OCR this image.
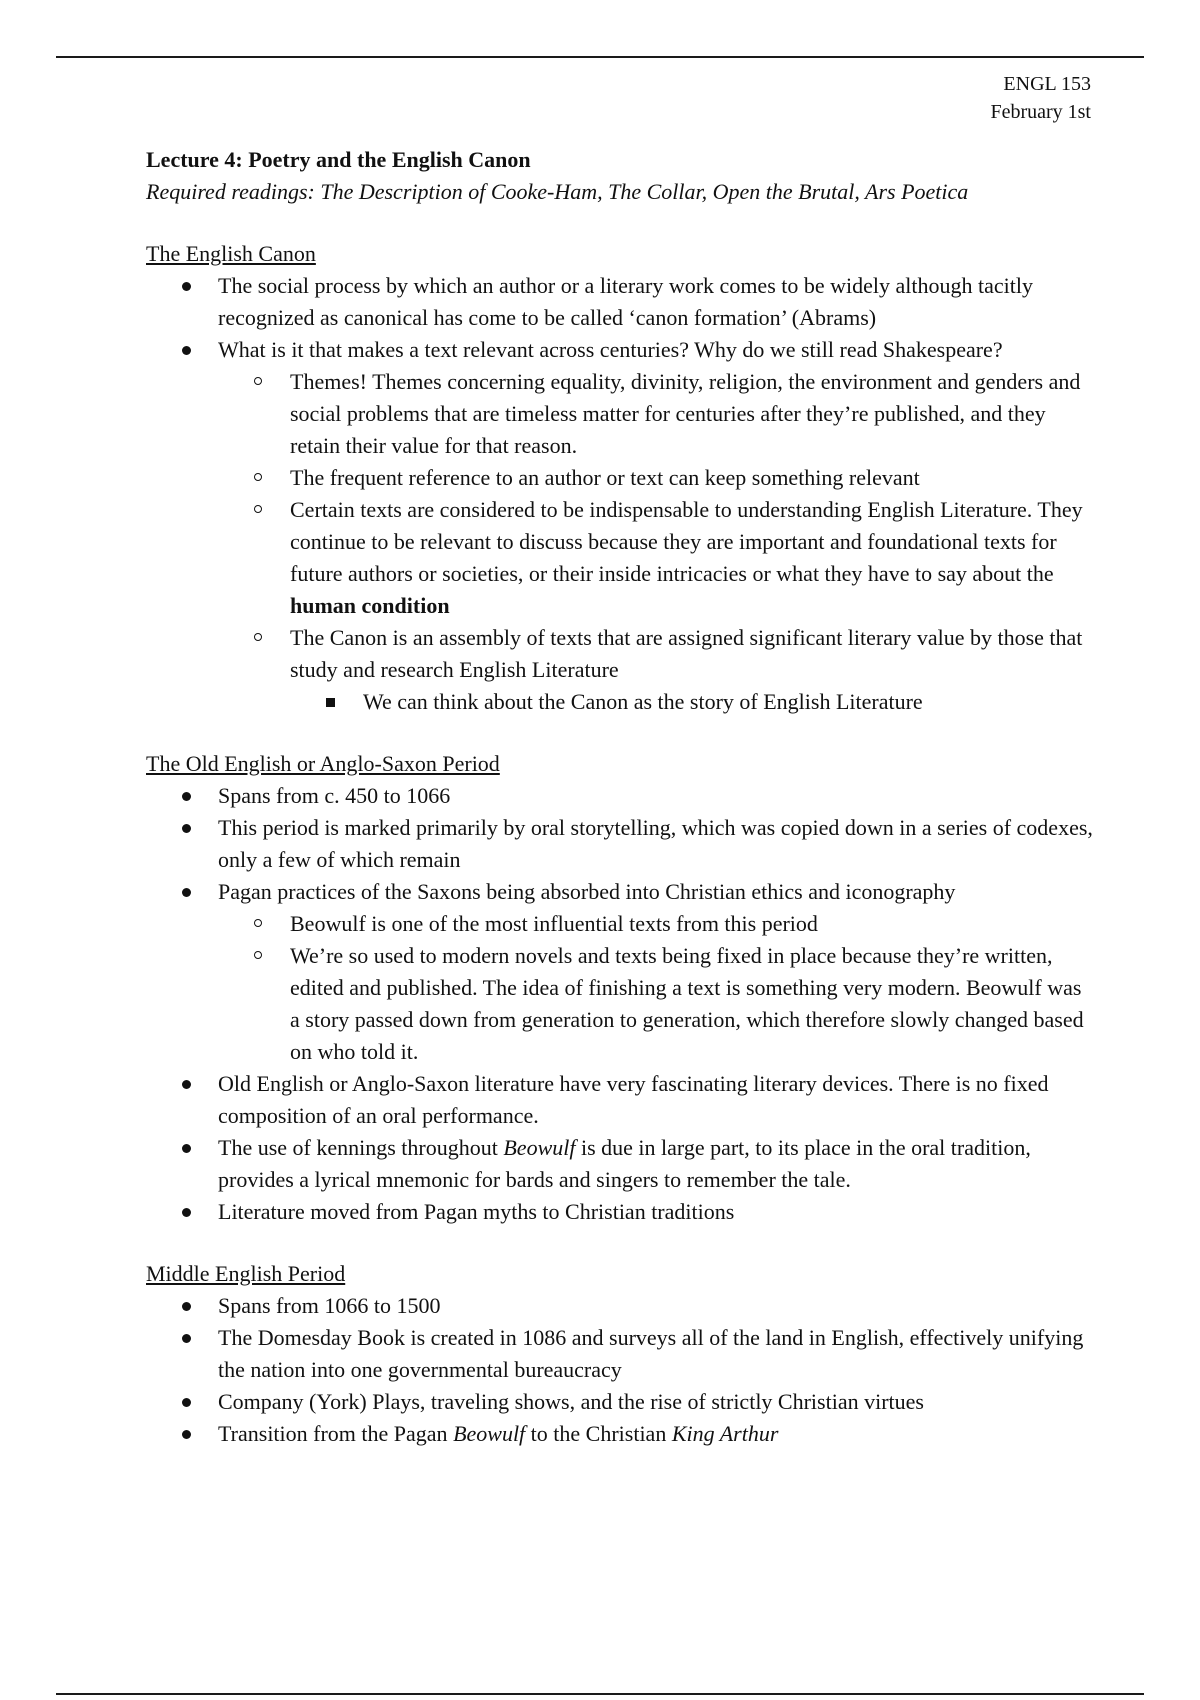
ENGL 153
February 1st
Lecture 4: Poetry and the English Canon
Required readings: The Description of Cooke-Ham, The Collar, Open the Brutal, Ars Poetica
The English Canon
The social process by which an author or a literary work comes to be widely although tacitly recognized as canonical has come to be called ‘canon formation’ (Abrams)
What is it that makes a text relevant across centuries? Why do we still read Shakespeare?
Themes! Themes concerning equality, divinity, religion, the environment and genders and social problems that are timeless matter for centuries after they’re published, and they retain their value for that reason.
The frequent reference to an author or text can keep something relevant
Certain texts are considered to be indispensable to understanding English Literature. They continue to be relevant to discuss because they are important and foundational texts for future authors or societies, or their inside intricacies or what they have to say about the human condition
The Canon is an assembly of texts that are assigned significant literary value by those that study and research English Literature
We can think about the Canon as the story of English Literature
The Old English or Anglo-Saxon Period
Spans from c. 450 to 1066
This period is marked primarily by oral storytelling, which was copied down in a series of codexes, only a few of which remain
Pagan practices of the Saxons being absorbed into Christian ethics and iconography
Beowulf is one of the most influential texts from this period
We’re so used to modern novels and texts being fixed in place because they’re written, edited and published. The idea of finishing a text is something very modern. Beowulf was a story passed down from generation to generation, which therefore slowly changed based on who told it.
Old English or Anglo-Saxon literature have very fascinating literary devices. There is no fixed composition of an oral performance.
The use of kennings throughout Beowulf is due in large part, to its place in the oral tradition, provides a lyrical mnemonic for bards and singers to remember the tale.
Literature moved from Pagan myths to Christian traditions
Middle English Period
Spans from 1066 to 1500
The Domesday Book is created in 1086 and surveys all of the land in English, effectively unifying the nation into one governmental bureaucracy
Company (York) Plays, traveling shows, and the rise of strictly Christian virtues
Transition from the Pagan Beowulf to the Christian King Arthur
